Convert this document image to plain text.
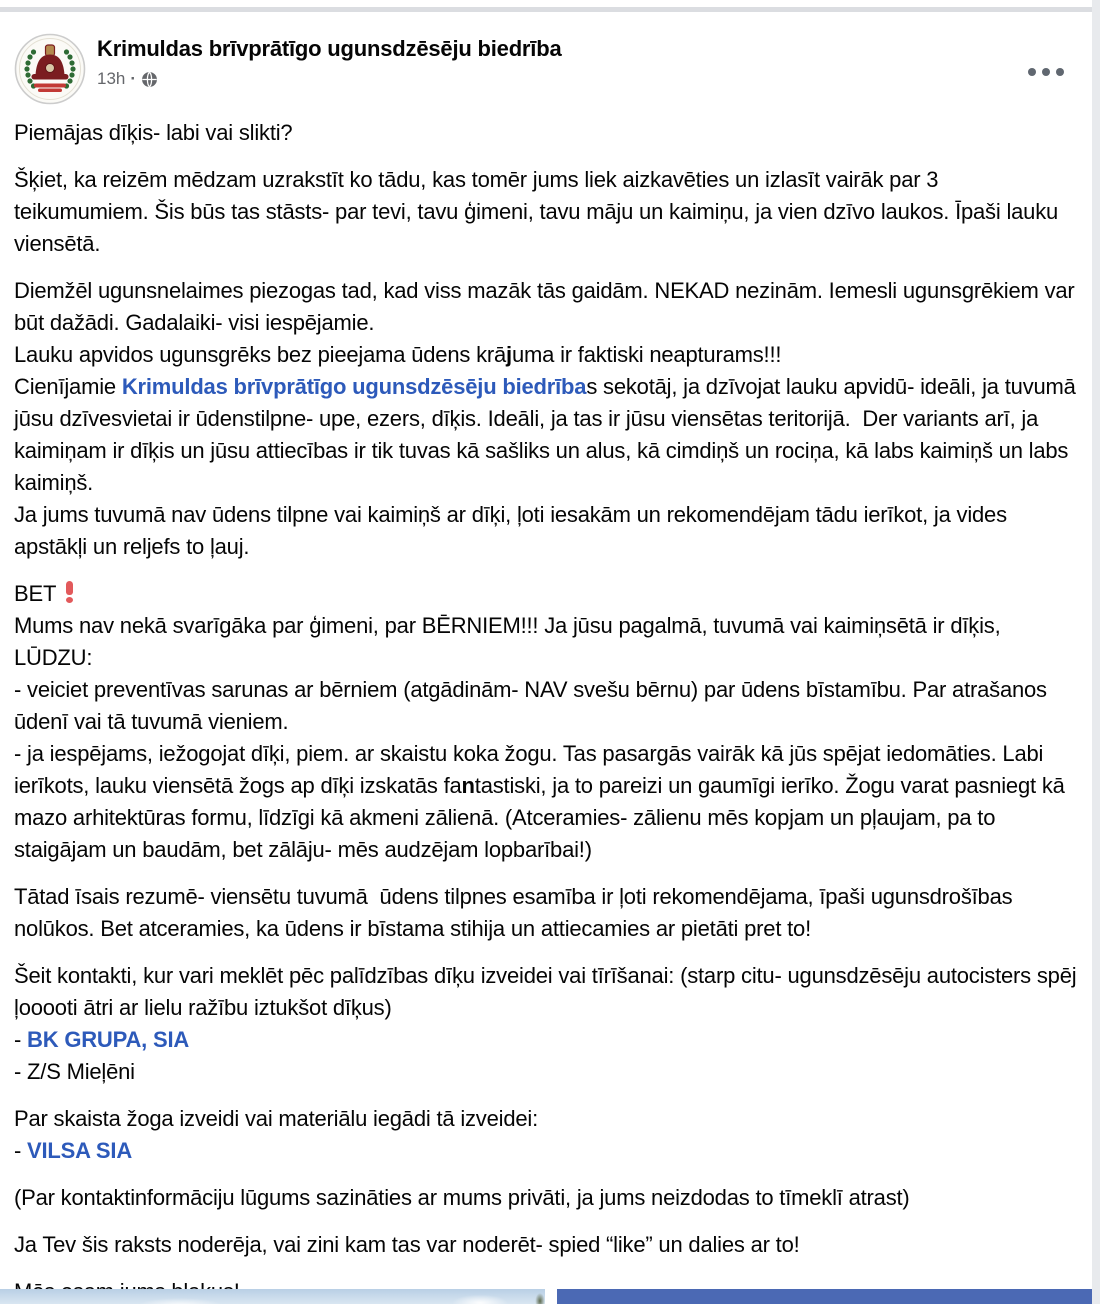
Krimuldas brīvprātīgo ugunsdzēsēju biedrība
13h ·
Piemājas dīķis- labi vai slikti?
Šķiet, ka reizēm mēdzam uzrakstīt ko tādu, kas tomēr jums liek aizkavēties un izlasīt vairāk par 3 teikumumiem. Šis būs tas stāsts- par tevi, tavu ģimeni, tavu māju un kaimiņu, ja vien dzīvo laukos. Īpaši lauku viensētā.
Diemžēl ugunsnelaimes piezogas tad, kad viss mazāk tās gaidām. NEKAD nezinām. Iemesli ugunsgrēkiem var būt dažādi. Gadalaiki- visi iespējamie.
Lauku apvidos ugunsgrēks bez pieejama ūdens krājuma ir faktiski neapturams!!!
Cienījamie Krimuldas brīvprātīgo ugunsdzēsēju biedrības sekotāj, ja dzīvojat lauku apvidū- ideāli, ja tuvumā jūsu dzīvesvietai ir ūdenstilpne- upe, ezers, dīķis. Ideāli, ja tas ir jūsu viensētas teritorijā.  Der variants arī, ja kaimiņam ir dīķis un jūsu attiecības ir tik tuvas kā sašliks un alus, kā cimdiņš un rociņa, kā labs kaimiņš un labs kaimiņš.
Ja jums tuvumā nav ūdens tilpne vai kaimiņš ar dīķi, ļoti iesakām un rekomendējam tādu ierīkot, ja vides apstākļi un reljefs to ļauj.
BET

Mums nav nekā svarīgāka par ģimeni, par BĒRNIEM!!! Ja jūsu pagalmā, tuvumā vai kaimiņsētā ir dīķis, LŪDZU:
- veiciet preventīvas sarunas ar bērniem (atgādinām- NAV svešu bērnu) par ūdens bīstamību. Par atrašanos ūdenī vai tā tuvumā vieniem.
- ja iespējams, iežogojat dīķi, piem. ar skaistu koka žogu. Tas pasargās vairāk kā jūs spējat iedomāties. Labi ierīkots, lauku viensētā žogs ap dīķi izskatās fantastiski, ja to pareizi un gaumīgi ierīko. Žogu varat pasniegt kā mazo arhitektūras formu, līdzīgi kā akmeni zālienā. (Atceramies- zālienu mēs kopjam un pļaujam, pa to staigājam un baudām, bet zālāju- mēs audzējam lopbarībai!)
Tātad īsais rezumē- viensētu tuvumā  ūdens tilpnes esamība ir ļoti rekomendējama, īpaši ugunsdrošības nolūkos. Bet atceramies, ka ūdens ir bīstama stihija un attiecamies ar pietāti pret to!
Šeit kontakti, kur vari meklēt pēc palīdzības dīķu izveidei vai tīrīšanai: (starp citu- ugunsdzēsēju autocisters spēj ļooooti ātri ar lielu ražību iztukšot dīķus)
- BK GRUPA, SIA
- Z/S Mieļēni
Par skaista žoga izveidi vai materiālu iegādi tā izveidei:
- VILSA SIA
(Par kontaktinformāciju lūgums sazināties ar mums privāti, ja jums neizdodas to tīmeklī atrast)
Ja Tev šis raksts noderēja, vai zini kam tas var noderēt- spied “like” un dalies ar to!
